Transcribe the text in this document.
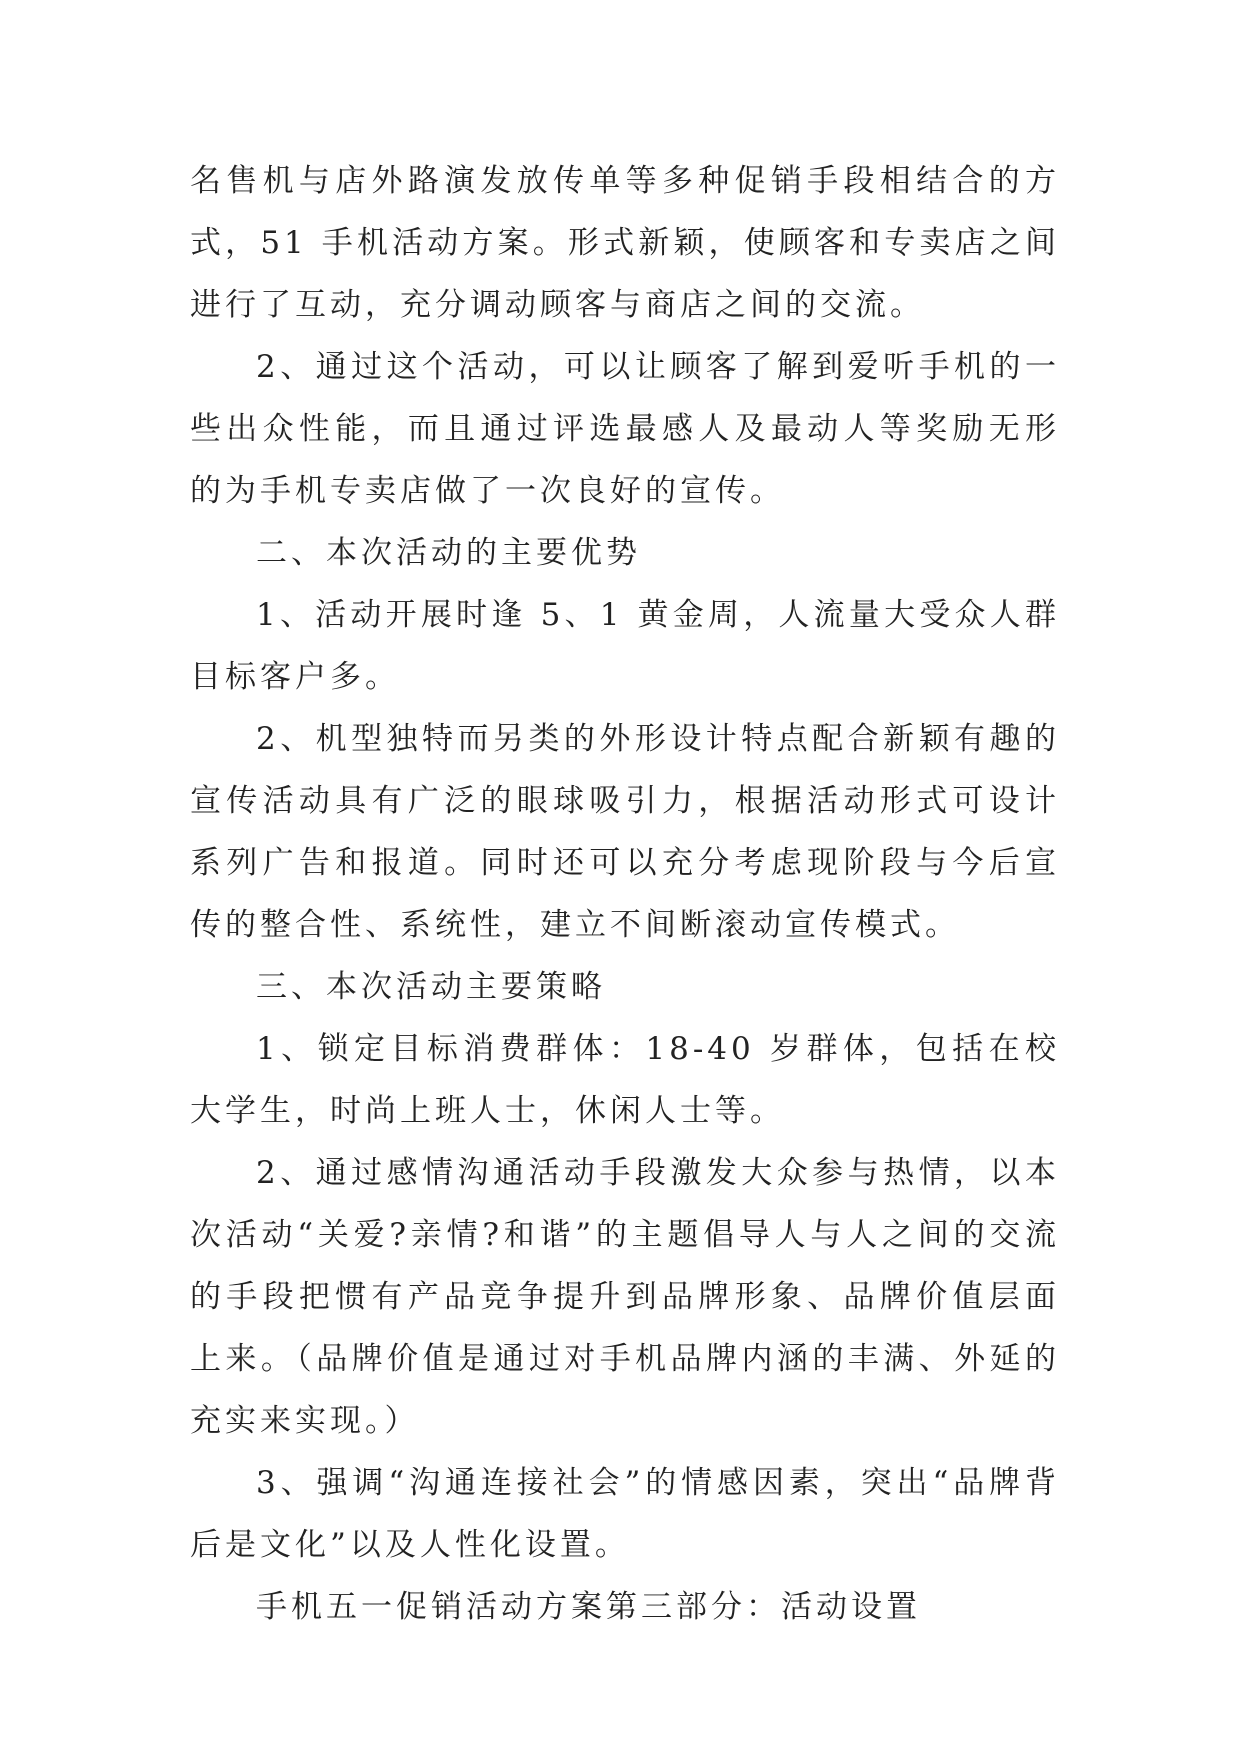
名售机与店外路演发放传单等多种促销手段相结合的方式，51 手机活动方案。形式新颖，使顾客和专卖店之间进行了互动，充分调动顾客与商店之间的交流。

2、通过这个活动，可以让顾客了解到爱听手机的一些出众性能，而且通过评选最感人及最动人等奖励无形的为手机专卖店做了一次良好的宣传。

二、本次活动的主要优势

1、活动开展时逢 5、1 黄金周，人流量大受众人群目标客户多。

2、机型独特而另类的外形设计特点配合新颖有趣的宣传活动具有广泛的眼球吸引力，根据活动形式可设计系列广告和报道。同时还可以充分考虑现阶段与今后宣传的整合性、系统性，建立不间断滚动宣传模式。

三、本次活动主要策略

1、锁定目标消费群体：18-40 岁群体，包括在校大学生，时尚上班人士，休闲人士等。

2、通过感情沟通活动手段激发大众参与热情，以本次活动“关爱?亲情?和谐”的主题倡导人与人之间的交流的手段把惯有产品竞争提升到品牌形象、品牌价值层面上来。（品牌价值是通过对手机品牌内涵的丰满、外延的充实来实现。）

3、强调“沟通连接社会”的情感因素，突出“品牌背后是文化”以及人性化设置。

手机五一促销活动方案第三部分：活动设置
